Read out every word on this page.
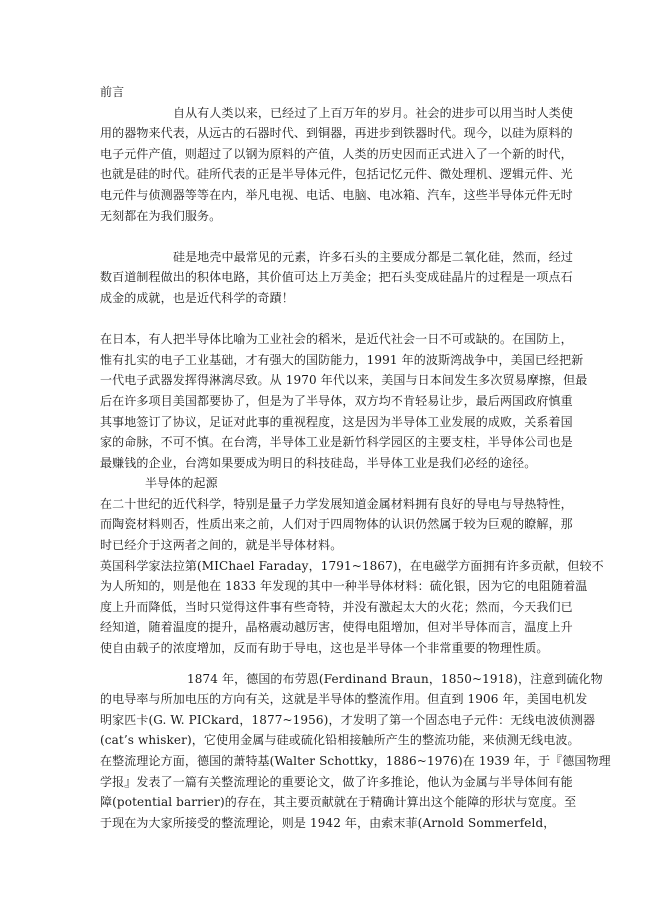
前言
自从有人类以来，已经过了上百万年的岁月。社会的进步可以用当时人类使
用的器物来代表，从远古的石器时代、到铜器，再进步到铁器时代。现今，以硅为原料的
电子元件产值，则超过了以钢为原料的产值，人类的历史因而正式进入了一个新的时代，
也就是硅的时代。硅所代表的正是半导体元件，包括记忆元件、微处理机、逻辑元件、光
电元件与侦测器等等在内，举凡电视、电话、电脑、电冰箱、汽车，这些半导体元件无时
无刻都在为我们服务。
硅是地壳中最常见的元素，许多石头的主要成分都是二氧化硅，然而，经过
数百道制程做出的积体电路，其价值可达上万美金；把石头变成硅晶片的过程是一项点石
成金的成就，也是近代科学的奇蹟！
在日本，有人把半导体比喻为工业社会的稻米，是近代社会一日不可或缺的。在国防上，
惟有扎实的电子工业基础，才有强大的国防能力，1991 年的波斯湾战争中，美国已经把新
一代电子武器发挥得淋漓尽致。从 1970 年代以来，美国与日本间发生多次贸易摩擦，但最
后在许多项目美国都要协了，但是为了半导体，双方均不肯轻易让步，最后两国政府慎重
其事地签订了协议，足证对此事的重视程度，这是因为半导体工业发展的成败，关系着国
家的命脉，不可不慎。在台湾，半导体工业是新竹科学园区的主要支柱，半导体公司也是
最赚钱的企业，台湾如果要成为明日的科技硅岛，半导体工业是我们必经的途径。
半导体的起源
在二十世纪的近代科学，特别是量子力学发展知道金属材料拥有良好的导电与导热特性，
而陶瓷材料则否，性质出来之前，人们对于四周物体的认识仍然属于较为巨观的瞭解，那
时已经介于这两者之间的，就是半导体材料。
英国科学家法拉第(MIChael Faraday，1791~1867)，在电磁学方面拥有许多贡献，但较不
为人所知的，则是他在 1833 年发现的其中一种半导体材料：硫化银，因为它的电阻随着温
度上升而降低，当时只觉得这件事有些奇特，并没有激起太大的火花；然而，今天我们已
经知道，随着温度的提升，晶格震动越厉害，使得电阻增加，但对半导体而言，温度上升
使自由载子的浓度增加，反而有助于导电，这也是半导体一个非常重要的物理性质。
1874 年，德国的布劳恩(Ferdinand Braun，1850~1918)，注意到硫化物
的电导率与所加电压的方向有关，这就是半导体的整流作用。但直到 1906 年，美国电机发
明家匹卡(G. W. PICkard，1877~1956)，才发明了第一个固态电子元件：无线电波侦测器
(cat’s whisker)，它使用金属与硅或硫化铅相接触所产生的整流功能，来侦测无线电波。
在整流理论方面，德国的萧特基(Walter Schottky，1886~1976)在 1939 年，于『德国物理
学报』发表了一篇有关整流理论的重要论文，做了许多推论，他认为金属与半导体间有能
障(potential barrier)的存在，其主要贡献就在于精确计算出这个能障的形状与宽度。至
于现在为大家所接受的整流理论，则是 1942 年，由索末菲(Arnold Sommerfeld，
